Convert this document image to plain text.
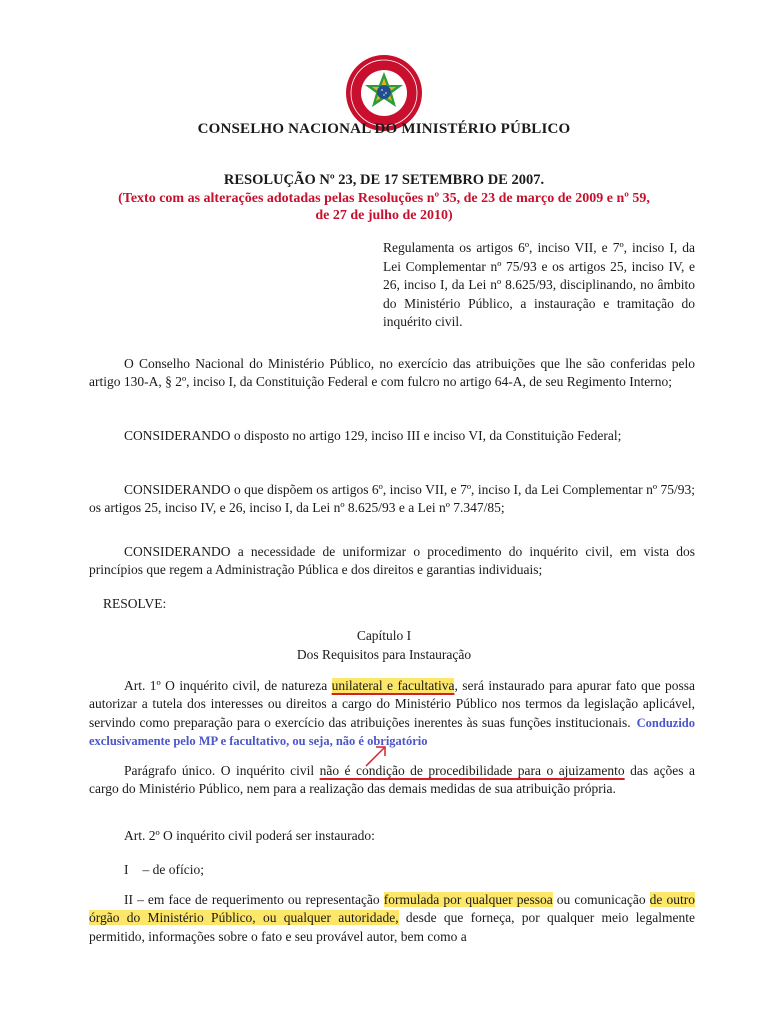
CONSELHO NACIONAL DO MINISTÉRIO PÚBLICO

RESOLUÇÃO Nº 23, DE 17 SETEMBRO DE 2007.

(Texto com as alterações adotadas pelas Resoluções nº 35, de 23 de março de 2009 e nº 59,

de 27 de julho de 2010)

Regulamenta os artigos 6º, inciso VII, e 7º, inciso I, da Lei Complementar nº 75/93 e os artigos 25, inciso IV, e 26, inciso I, da Lei nº 8.625/93, disciplinando, no âmbito do Ministério Público, a instauração e tramitação do inquérito civil.

O Conselho Nacional do Ministério Público, no exercício das atribuições que lhe são conferidas pelo artigo 130-A, § 2º, inciso I, da Constituição Federal e com fulcro no artigo 64-A, de seu Regimento Interno;

CONSIDERANDO o disposto no artigo 129, inciso III e inciso VI, da Constituição Federal;

CONSIDERANDO o que dispõem os artigos 6º, inciso VII, e 7º, inciso I, da Lei Complementar nº 75/93; os artigos 25, inciso IV, e 26, inciso I, da Lei nº 8.625/93 e a Lei nº 7.347/85;

CONSIDERANDO a necessidade de uniformizar o procedimento do inquérito civil, em vista dos princípios que regem a Administração Pública e dos direitos e garantias individuais;

RESOLVE:

Capítulo I
Dos Requisitos para Instauração

Art. 1º O inquérito civil, de natureza unilateral e facultativa, será instaurado para apurar fato que possa autorizar a tutela dos interesses ou direitos a cargo do Ministério Público nos termos da legislação aplicável, servindo como preparação para o exercício das atribuições inerentes às suas funções institucionais. Conduzido exclusivamente pelo MP e facultativo, ou seja, não é obrigatório

Parágrafo único. O inquérito civil não é condição de procedibilidade para o ajuizamento das ações a cargo do Ministério Público, nem para a realização das demais medidas de sua atribuição própria.

Art. 2º O inquérito civil poderá ser instaurado:

I – de ofício;

II – em face de requerimento ou representação formulada por qualquer pessoa ou comunicação de outro órgão do Ministério Público, ou qualquer autoridade, desde que forneça, por qualquer meio legalmente permitido, informações sobre o fato e seu provável autor, bem como a
